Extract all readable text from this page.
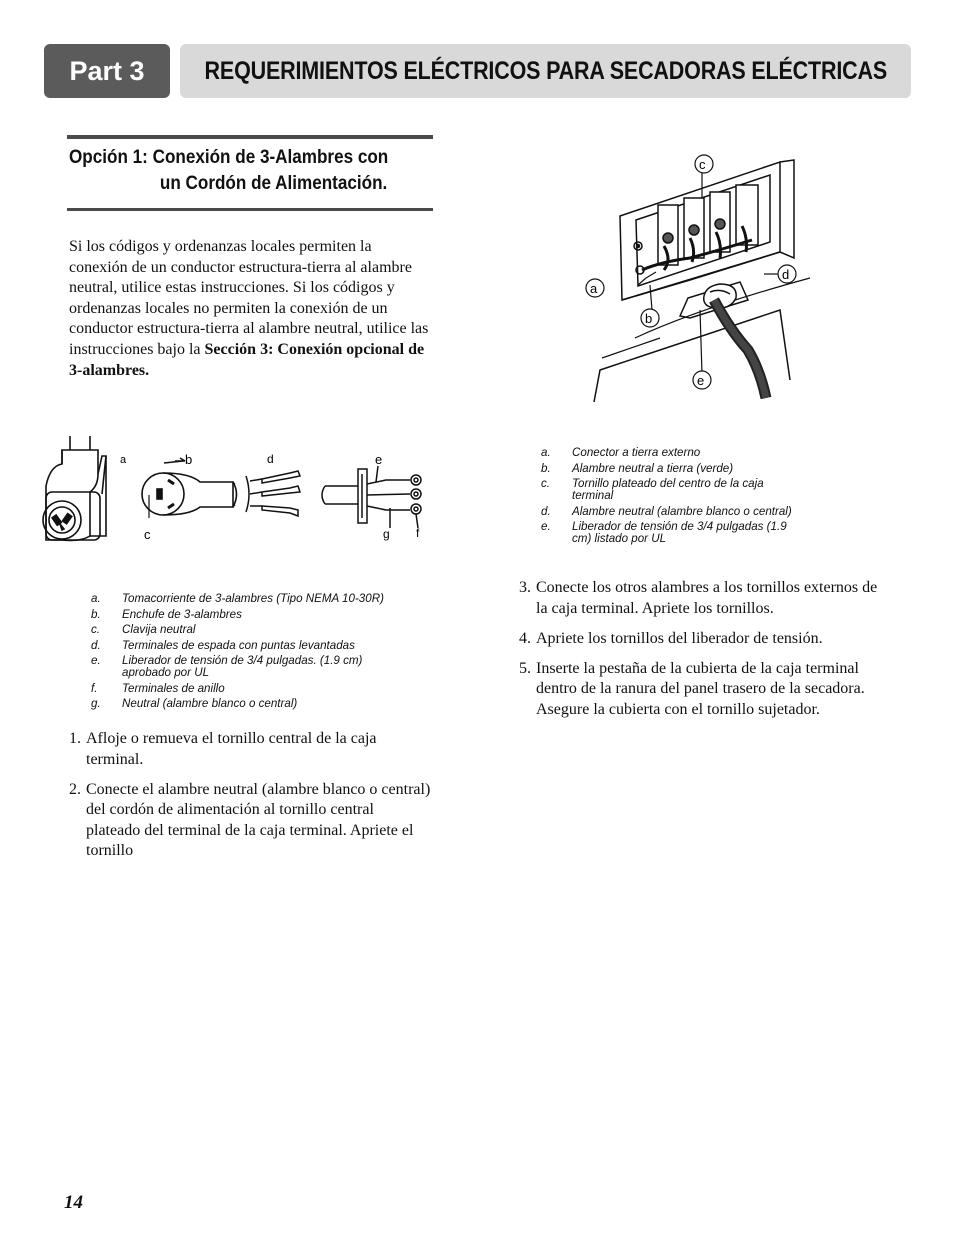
Part 3 REQUERIMIENTOS ELÉCTRICOS PARA SECADORAS ELÉCTRICAS
Opción 1: Conexión de 3-Alambres con
un Cordón de Alimentación.
Si los códigos y ordenanzas locales permiten la conexión de un conductor estructura-tierra al alambre neutral, utilice estas instrucciones. Si los códigos y ordenanzas locales no permiten la conexión de un conductor estructura-tierra al alambre neutral, utilice las instrucciones bajo la Sección 3: Conexión opcional de 3-alambres.
a	b
c
d	e
g f
c
a
b
d
e
a.	Tomacorriente de 3-alambres (Tipo NEMA 10-30R)
b.	Enchufe de 3-alambres
c.	Clavija neutral
d.	Terminales de espada con puntas levantadas
e.	Liberador de tensión de 3/4 pulgadas. (1.9 cm) aprobado por UL
f.	Terminales de anillo
g.	Neutral (alambre blanco o central)
a.	Conector a tierra externo
b.	Alambre neutral a tierra (verde)
c.	Tornillo plateado del centro de la caja terminal
d.	Alambre neutral (alambre blanco o central)
e.	Liberador de tensión de 3/4 pulgadas (1.9 cm) listado por UL
1. Afloje o remueva el tornillo central de la caja terminal.
2. Conecte el alambre neutral (alambre blanco o central) del cordón de alimentación al tornillo central plateado del terminal de la caja terminal. Apriete el tornillo
3. Conecte los otros alambres a los tornillos externos de la caja terminal. Apriete los tornillos.
4. Apriete los tornillos del liberador de tensión.
5. Inserte la pestaña de la cubierta de la caja terminal dentro de la ranura del panel trasero de la secadora. Asegure la cubierta con el tornillo sujetador.
14
